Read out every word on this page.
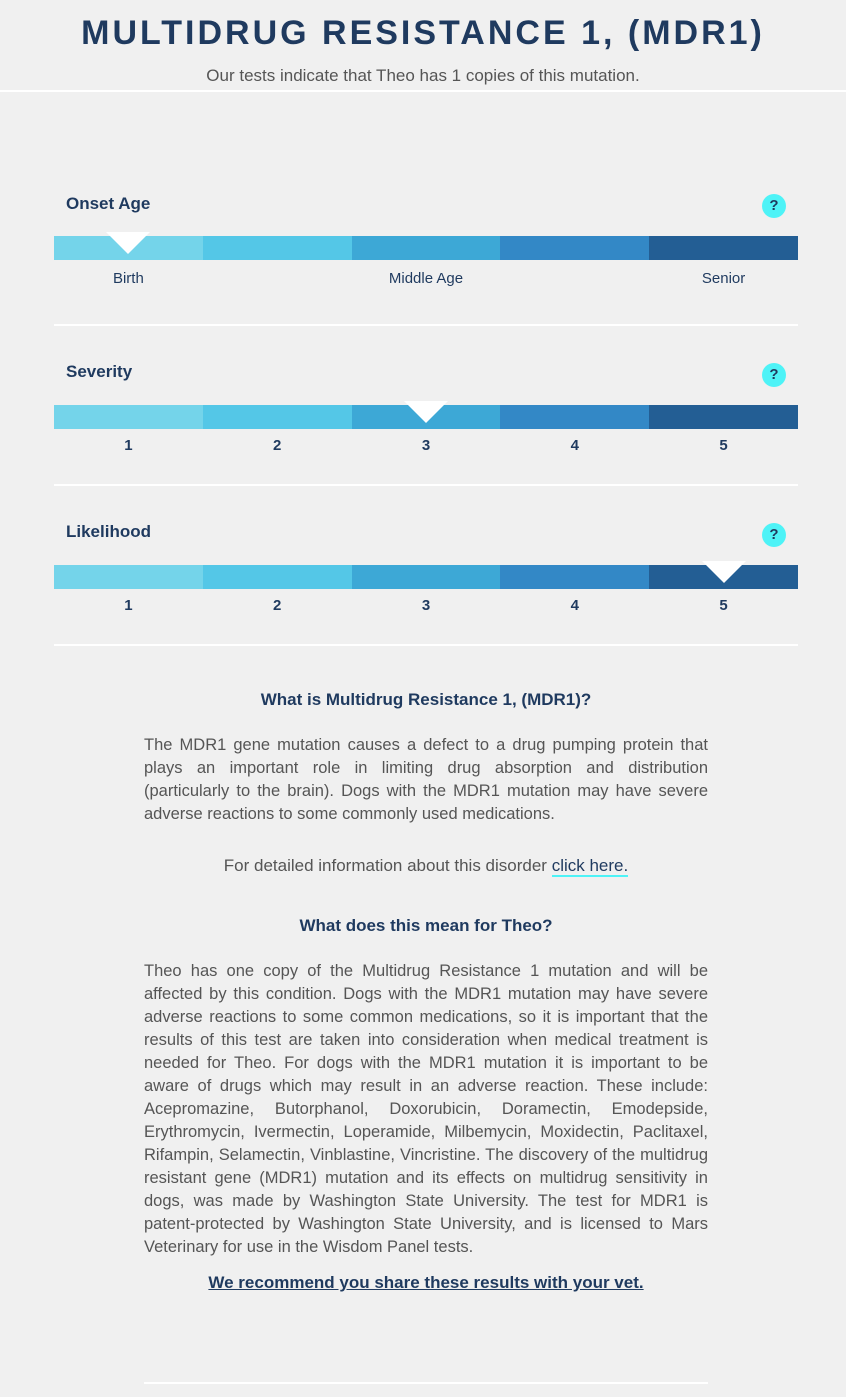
MULTIDRUG RESISTANCE 1, (MDR1)
Our tests indicate that Theo has 1 copies of this mutation.
Onset Age	?
Birth	Middle Age	Senior
Severity	?
1	2	3	4	5
Likelihood	?
1	2	3	4	5
What is Multidrug Resistance 1, (MDR1)?
The MDR1 gene mutation causes a defect to a drug pumping protein that plays an important role in limiting drug absorption and distribution (particularly to the brain). Dogs with the MDR1 mutation may have severe adverse reactions to some commonly used medications.
For detailed information about this disorder click here.
What does this mean for Theo?
Theo has one copy of the Multidrug Resistance 1 mutation and will be affected by this condition. Dogs with the MDR1 mutation may have severe adverse reactions to some common medications, so it is important that the results of this test are taken into consideration when medical treatment is needed for Theo. For dogs with the MDR1 mutation it is important to be aware of drugs which may result in an adverse reaction. These include: Acepromazine, Butorphanol, Doxorubicin, Doramectin, Emodepside, Erythromycin, Ivermectin, Loperamide, Milbemycin, Moxidectin, Paclitaxel, Rifampin, Selamectin, Vinblastine, Vincristine. The discovery of the multidrug resistant gene (MDR1) mutation and its effects on multidrug sensitivity in dogs, was made by Washington State University. The test for MDR1 is patent-protected by Washington State University, and is licensed to Mars Veterinary for use in the Wisdom Panel tests.
We recommend you share these results with your vet.
